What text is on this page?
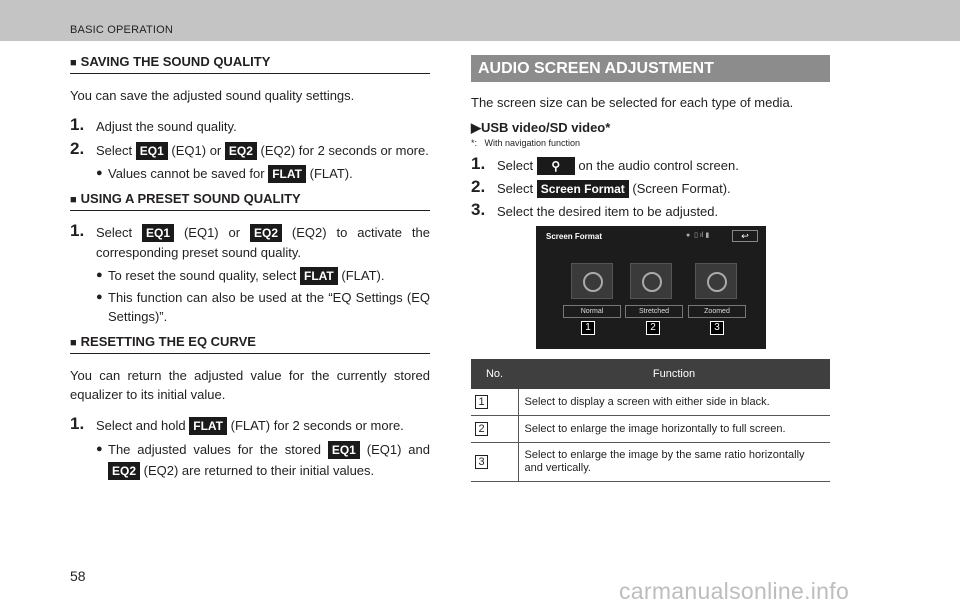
BASIC OPERATION
■ SAVING THE SOUND QUALITY

You can save the adjusted sound quality settings.

1. Adjust the sound quality.
2. Select EQ1 (EQ1) or EQ2 (EQ2) for 2 seconds or more.
● Values cannot be saved for FLAT (FLAT).
■ USING A PRESET SOUND QUALITY
1. Select EQ1 (EQ1) or EQ2 (EQ2) to activate the corresponding preset sound quality.
● To reset the sound quality, select FLAT (FLAT).
● This function can also be used at the “EQ Settings (EQ Settings)”.
■ RESETTING THE EQ CURVE

You can return the adjusted value for the currently stored equalizer to its initial value.

1. Select and hold FLAT (FLAT) for 2 seconds or more.
● The adjusted values for the stored EQ1 (EQ1) and EQ2 (EQ2) are returned to their initial values.
AUDIO SCREEN ADJUSTMENT

The screen size can be selected for each type of media.

▶USB video/SD video*
*:   With navigation function
1. Select ⚲ on the audio control screen.
2. Select Screen Format (Screen Format).
3. Select the desired item to be adjusted.
Screen Format	●  ▯ ıl ▮	↩
Normal	Stretched	Zoomed
1	2	3
No.	Function
1	Select to display a screen with either side in black.
2	Select to enlarge the image horizontally to full screen.
3	Select to enlarge the image by the same ratio horizontally and vertically.
58
carmanualsonline.info
